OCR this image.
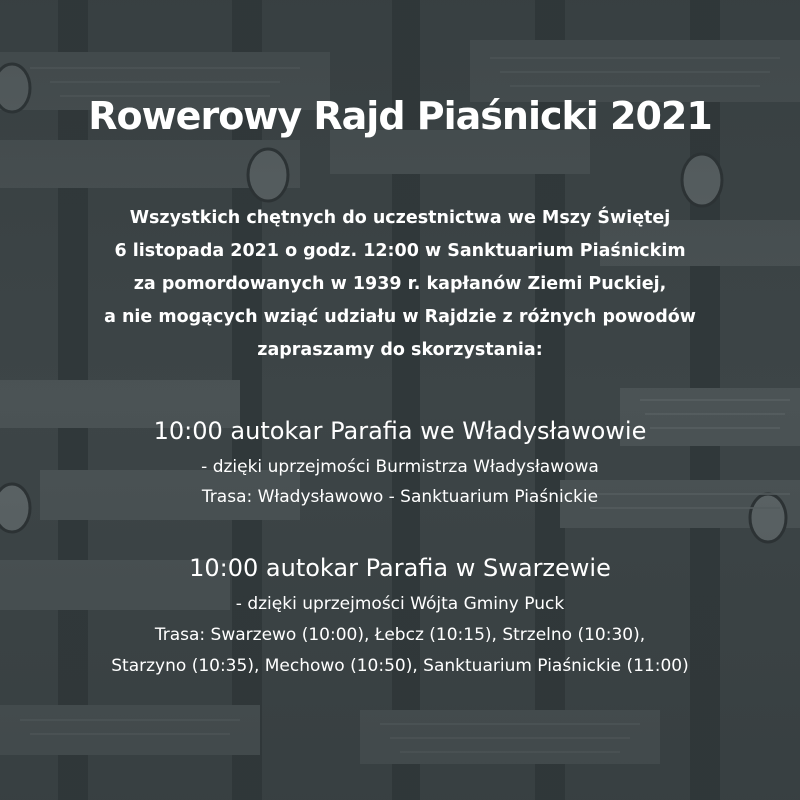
Rowerowy Rajd Piaśnicki 2021
Wszystkich chętnych do uczestnictwa we Mszy Świętej
6 listopada 2021 o godz. 12:00 w Sanktuarium Piaśnickim
za pomordowanych w 1939 r. kapłanów Ziemi Puckiej,
a nie mogących wziąć udziału w Rajdzie z różnych powodów
zapraszamy do skorzystania:
10:00 autokar Parafia we Władysławowie
- dzięki uprzejmości Burmistrza Władysławowa
Trasa: Władysławowo - Sanktuarium Piaśnickie
10:00 autokar Parafia w Swarzewie
- dzięki uprzejmości Wójta Gminy Puck
Trasa: Swarzewo (10:00), Łebcz (10:15), Strzelno (10:30),
Starzyno (10:35), Mechowo (10:50), Sanktuarium Piaśnickie (11:00)
